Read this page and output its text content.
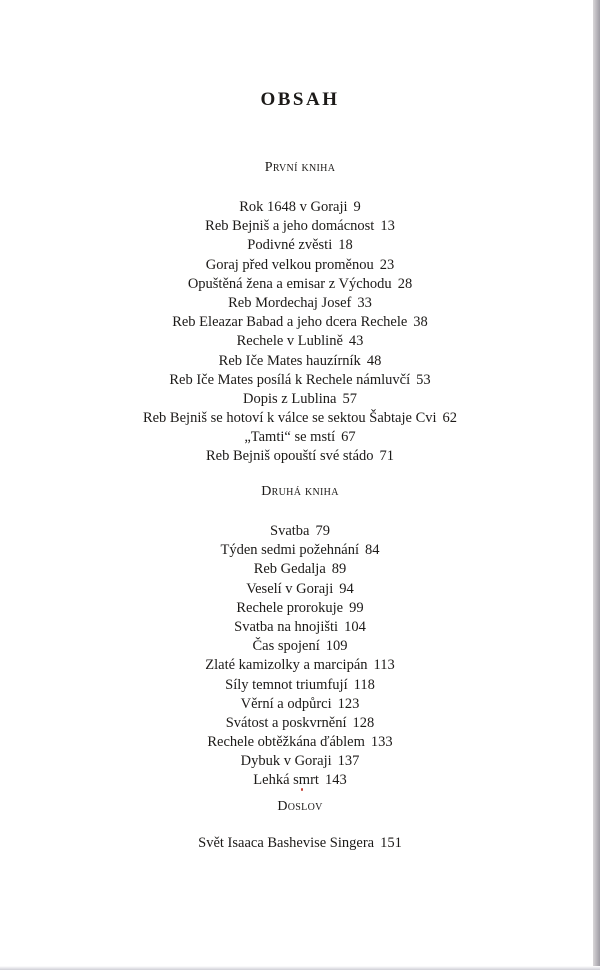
OBSAH
První kniha
Rok 1648 v Goraji 9
Reb Bejniš a jeho domácnost 13
Podivné zvěsti 18
Goraj před velkou proměnou 23
Opuštěná žena a emisar z Východu 28
Reb Mordechaj Josef 33
Reb Eleazar Babad a jeho dcera Rechele 38
Rechele v Lublině 43
Reb Iče Mates hauzírník 48
Reb Iče Mates posílá k Rechele námluvčí 53
Dopis z Lublina 57
Reb Bejniš se hotoví k válce se sektou Šabtaje Cvi 62
„Tamti“ se mstí 67
Reb Bejniš opouští své stádo 71
Druhá kniha
Svatba 79
Týden sedmi požehnání 84
Reb Gedalja 89
Veselí v Goraji 94
Rechele prorokuje 99
Svatba na hnojišti 104
Čas spojení 109
Zlaté kamizolky a marcipán 113
Síly temnot triumfují 118
Věrní a odpůrci 123
Svátost a poskvrnění 128
Rechele obtěžkána ďáblem 133
Dybuk v Goraji 137
Lehká smrt 143
Doslov
Svět Isaaca Bashevise Singera 151
